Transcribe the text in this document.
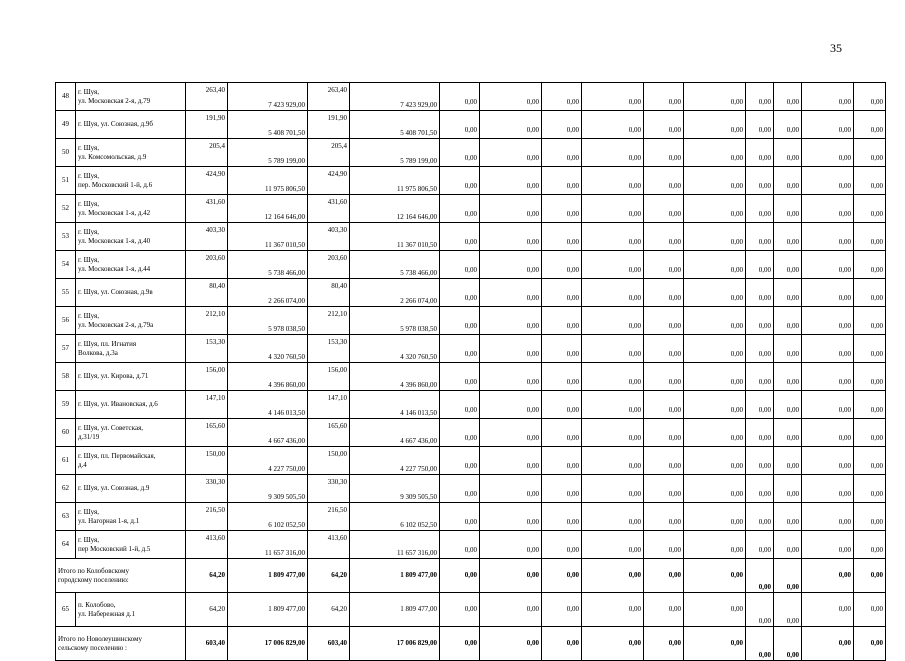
35
48	г. Шуя,
ул. Московская 2-я, д.79	263,40	7 423 929,00	263,40	7 423 929,00	0,00	0,00	0,00	0,00	0,00	0,00	0,00	0,00	0,00	0,00
49	г. Шуя, ул. Союзная, д.9б	191,90	5 408 701,50	191,90	5 408 701,50	0,00	0,00	0,00	0,00	0,00	0,00	0,00	0,00	0,00	0,00
50	г. Шуя,
ул. Комсомольская, д.9	205,4	5 789 199,00	205,4	5 789 199,00	0,00	0,00	0,00	0,00	0,00	0,00	0,00	0,00	0,00	0,00
51	г. Шуя,
пер. Московский 1-й, д.6	424,90	11 975 806,50	424,90	11 975 806,50	0,00	0,00	0,00	0,00	0,00	0,00	0,00	0,00	0,00	0,00
52	г. Шуя,
ул. Московская 1-я, д.42	431,60	12 164 646,00	431,60	12 164 646,00	0,00	0,00	0,00	0,00	0,00	0,00	0,00	0,00	0,00	0,00
53	г. Шуя,
ул. Московская 1-я, д.40	403,30	11 367 010,50	403,30	11 367 010,50	0,00	0,00	0,00	0,00	0,00	0,00	0,00	0,00	0,00	0,00
54	г. Шуя,
ул. Московская 1-я, д.44	203,60	5 738 466,00	203,60	5 738 466,00	0,00	0,00	0,00	0,00	0,00	0,00	0,00	0,00	0,00	0,00
55	г. Шуя, ул. Союзная, д.9в	80,40	2 266 074,00	80,40	2 266 074,00	0,00	0,00	0,00	0,00	0,00	0,00	0,00	0,00	0,00	0,00
56	г. Шуя,
ул. Московская 2-я, д.79а	212,10	5 978 038,50	212,10	5 978 038,50	0,00	0,00	0,00	0,00	0,00	0,00	0,00	0,00	0,00	0,00
57	г. Шуя, пл. Игнатия
Волкова, д.3а	153,30	4 320 760,50	153,30	4 320 760,50	0,00	0,00	0,00	0,00	0,00	0,00	0,00	0,00	0,00	0,00
58	г. Шуя, ул. Кирова, д.71	156,00	4 396 860,00	156,00	4 396 860,00	0,00	0,00	0,00	0,00	0,00	0,00	0,00	0,00	0,00	0,00
59	г. Шуя, ул. Ивановская, д.6	147,10	4 146 013,50	147,10	4 146 013,50	0,00	0,00	0,00	0,00	0,00	0,00	0,00	0,00	0,00	0,00
60	г. Шуя, ул. Советская,
д.31/19	165,60	4 667 436,00	165,60	4 667 436,00	0,00	0,00	0,00	0,00	0,00	0,00	0,00	0,00	0,00	0,00
61	г. Шуя, пл. Первомайская,
д.4	150,00	4 227 750,00	150,00	4 227 750,00	0,00	0,00	0,00	0,00	0,00	0,00	0,00	0,00	0,00	0,00
62	г. Шуя, ул. Союзная, д.9	330,30	9 309 505,50	330,30	9 309 505,50	0,00	0,00	0,00	0,00	0,00	0,00	0,00	0,00	0,00	0,00
63	г. Шуя,
ул. Нагорная 1-я, д.1	216,50	6 102 052,50	216,50	6 102 052,50	0,00	0,00	0,00	0,00	0,00	0,00	0,00	0,00	0,00	0,00
64	г. Шуя,
пер Московский 1-й, д.5	413,60	11 657 316,00	413,60	11 657 316,00	0,00	0,00	0,00	0,00	0,00	0,00	0,00	0,00	0,00	0,00

Итого по Колобовскому
городскому поселению:		64,20	1 809 477,00	64,20	1 809 477,00	0,00	0,00	0,00	0,00	0,00	0,00	0,00	0,00	0,00	0,00
65	п. Колобово,
ул. Набережная д.1	64,20	1 809 477,00	64,20	1 809 477,00	0,00	0,00	0,00	0,00	0,00	0,00	0,00	0,00	0,00	0,00

Итого по Новолеушинскому
сельскому поселению :		603,40	17 006 829,00	603,40	17 006 829,00	0,00	0,00	0,00	0,00	0,00	0,00	0,00	0,00	0,00	0,00
